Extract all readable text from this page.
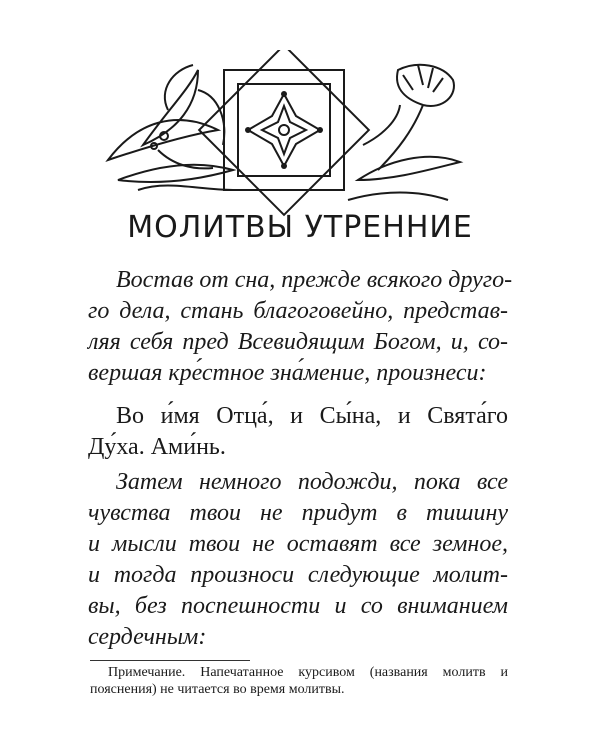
МОЛИТВЫ УТРЕННИЕ

Востав от сна, прежде всякого друго-
го дела, стань благоговейно, представ-
ляя себя пред Всевидящим Богом, и, со-
вершая кре́стное зна́мение, произнеси:

Во и́мя Отца́, и Сы́на, и Свята́го
Ду́ха. Ами́нь.

Затем немного подожди, пока все
чувства твои не придут в тишину
и мысли твои не оставят все земное,
и тогда произноси следующие молит-
вы, без поспешности и со вниманием
сердечным:

Примечание. Напечатанное курсивом (названия молитв и
пояснения) не читается во время молитвы.
